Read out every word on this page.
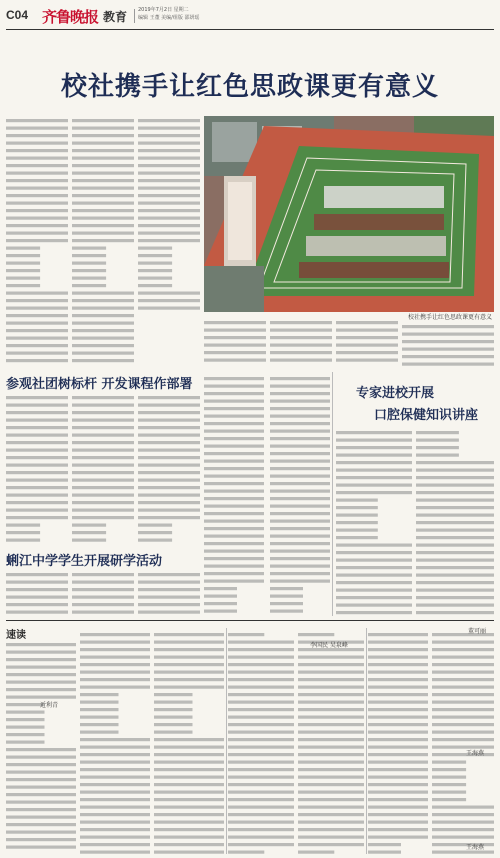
C04 齐鲁晚报 教育 2019年7月2日 星期二
编辑 王董 美编/组版 邵妍瑶
校社携手让红色思政课更有意义
校社携手让红色思政课更有意义
参观社团树标杆 开发课程作部署
蜊江中学学生开展研学活动
专家进校开展
口腔保健知识讲座
速读
近利青
李国民 吴泉峰
董可丽
王海燕
王海燕
